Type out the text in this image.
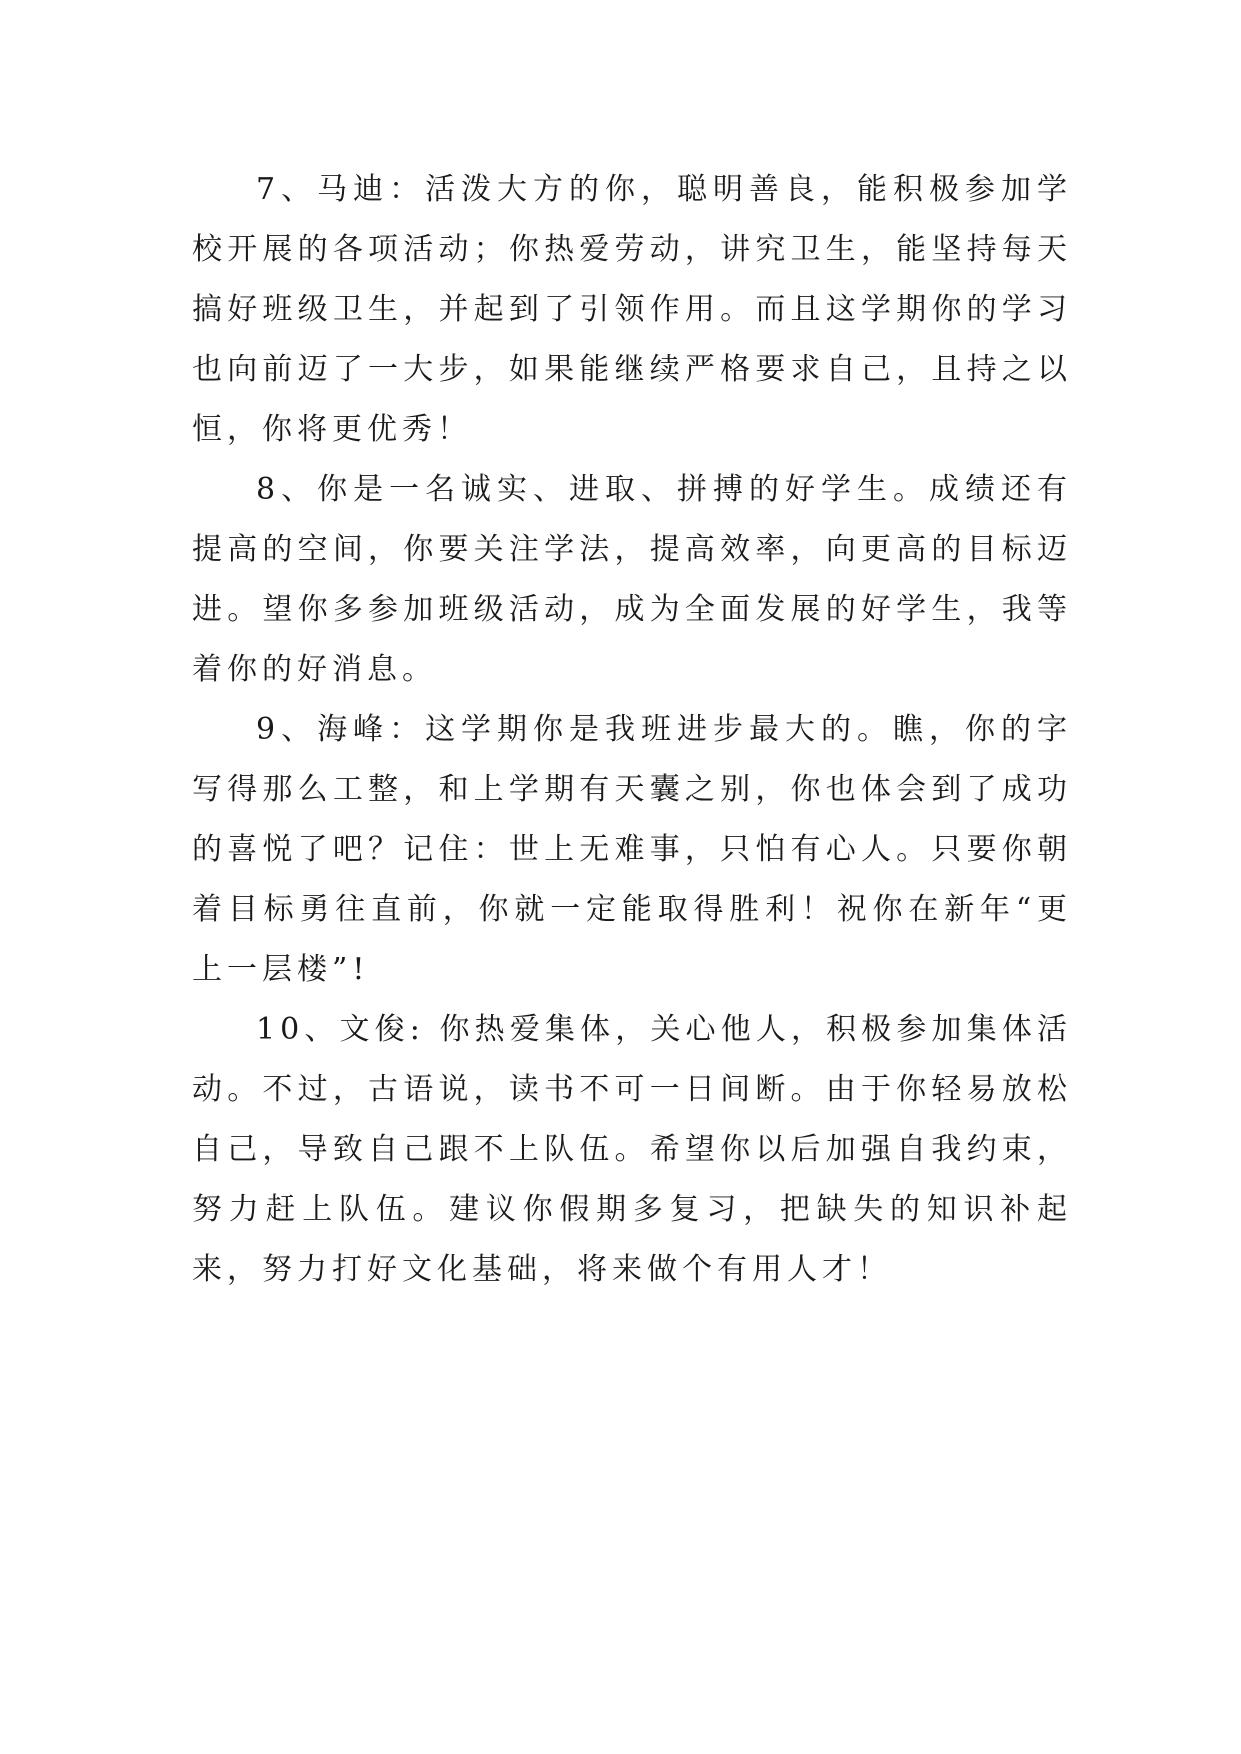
7、马迪：活泼大方的你，聪明善良，能积极参加学校开展的各项活动；你热爱劳动，讲究卫生，能坚持每天搞好班级卫生，并起到了引领作用。而且这学期你的学习也向前迈了一大步，如果能继续严格要求自己，且持之以恒，你将更优秀！

8、你是一名诚实、进取、拼搏的好学生。成绩还有提高的空间，你要关注学法，提高效率，向更高的目标迈进。望你多参加班级活动，成为全面发展的好学生，我等着你的好消息。

9、海峰：这学期你是我班进步最大的。瞧，你的字写得那么工整，和上学期有天囊之别，你也体会到了成功的喜悦了吧？记住：世上无难事，只怕有心人。只要你朝着目标勇往直前，你就一定能取得胜利！祝你在新年“更上一层楼”!

10、文俊: 你热爱集体，关心他人，积极参加集体活动。不过，古语说，读书不可一日间断。由于你轻易放松自己，导致自己跟不上队伍。希望你以后加强自我约束，努力赶上队伍。建议你假期多复习，把缺失的知识补起来，努力打好文化基础，将来做个有用人才！
